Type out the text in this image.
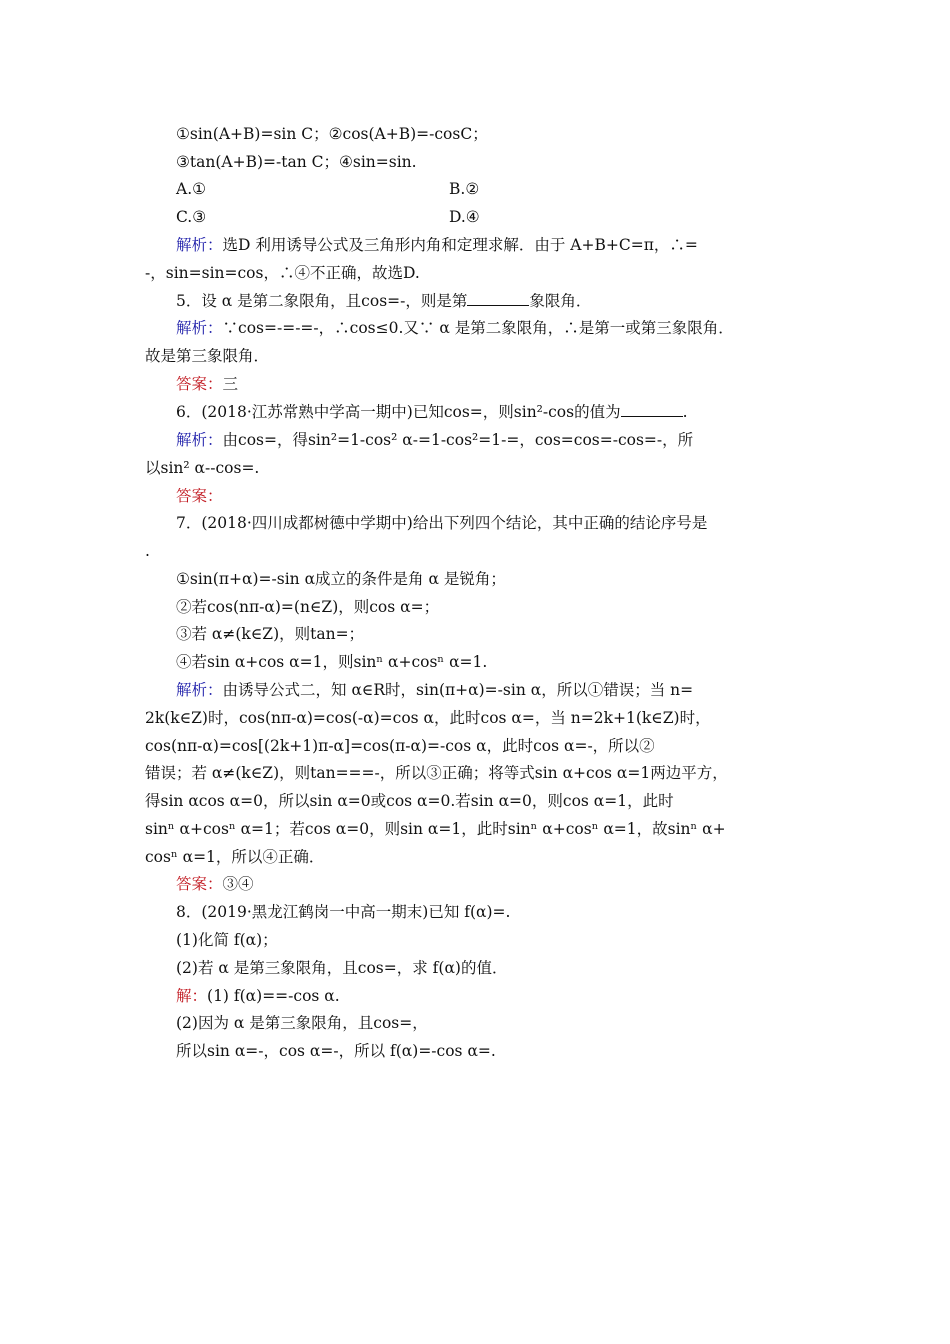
①sin(A+B)=sin C；②cos(A+B)=-cosC；
③tan(A+B)=-tan C；④sin=sin.
A.①	B.②
C.③	D.④
解析：选D 利用诱导公式及三角形内角和定理求解．由于 A+B+C=π，∴=
-，sin=sin=cos，∴④不正确，故选D.
5．设 α 是第二象限角，且cos=-，则是第	象限角．
解析：∵cos=-=-=-，∴cos≤0.又∵ α 是第二象限角，∴是第一或第三象限角．
故是第三象限角．
答案：三
6．(2018·江苏常熟中学高一期中)已知cos=，则sin²-cos的值为	.
解析：由cos=，得sin²=1-cos² α-=1-cos²=1-=，cos=cos=-cos=-，所
以sin² α--cos=.
答案：
7．(2018·四川成都树德中学期中)给出下列四个结论，其中正确的结论序号是
.
①sin(π+α)=-sin α成立的条件是角 α 是锐角；
②若cos(nπ-α)=(n∈Z)，则cos α=；
③若 α≠(k∈Z)，则tan=；
④若sin α+cos α=1，则sinⁿ α+cosⁿ α=1.
解析：由诱导公式二，知 α∈R时，sin(π+α)=-sin α，所以①错误；当 n=
2k(k∈Z)时，cos(nπ-α)=cos(-α)=cos α，此时cos α=，当 n=2k+1(k∈Z)时，
cos(nπ-α)=cos[(2k+1)π-α]=cos(π-α)=-cos α，此时cos α=-，所以②
错误；若 α≠(k∈Z)，则tan===-，所以③正确；将等式sin α+cos α=1两边平方，
得sin αcos α=0，所以sin α=0或cos α=0.若sin α=0，则cos α=1，此时
sinⁿ α+cosⁿ α=1；若cos α=0，则sin α=1，此时sinⁿ α+cosⁿ α=1，故sinⁿ α+
cosⁿ α=1，所以④正确．
答案：③④
8．(2019·黑龙江鹤岗一中高一期末)已知 f(α)=.
(1)化简 f(α)；
(2)若 α 是第三象限角，且cos=，求 f(α)的值．
解：(1) f(α)==-cos α.
(2)因为 α 是第三象限角，且cos=，
所以sin α=-，cos α=-，所以 f(α)=-cos α=.
